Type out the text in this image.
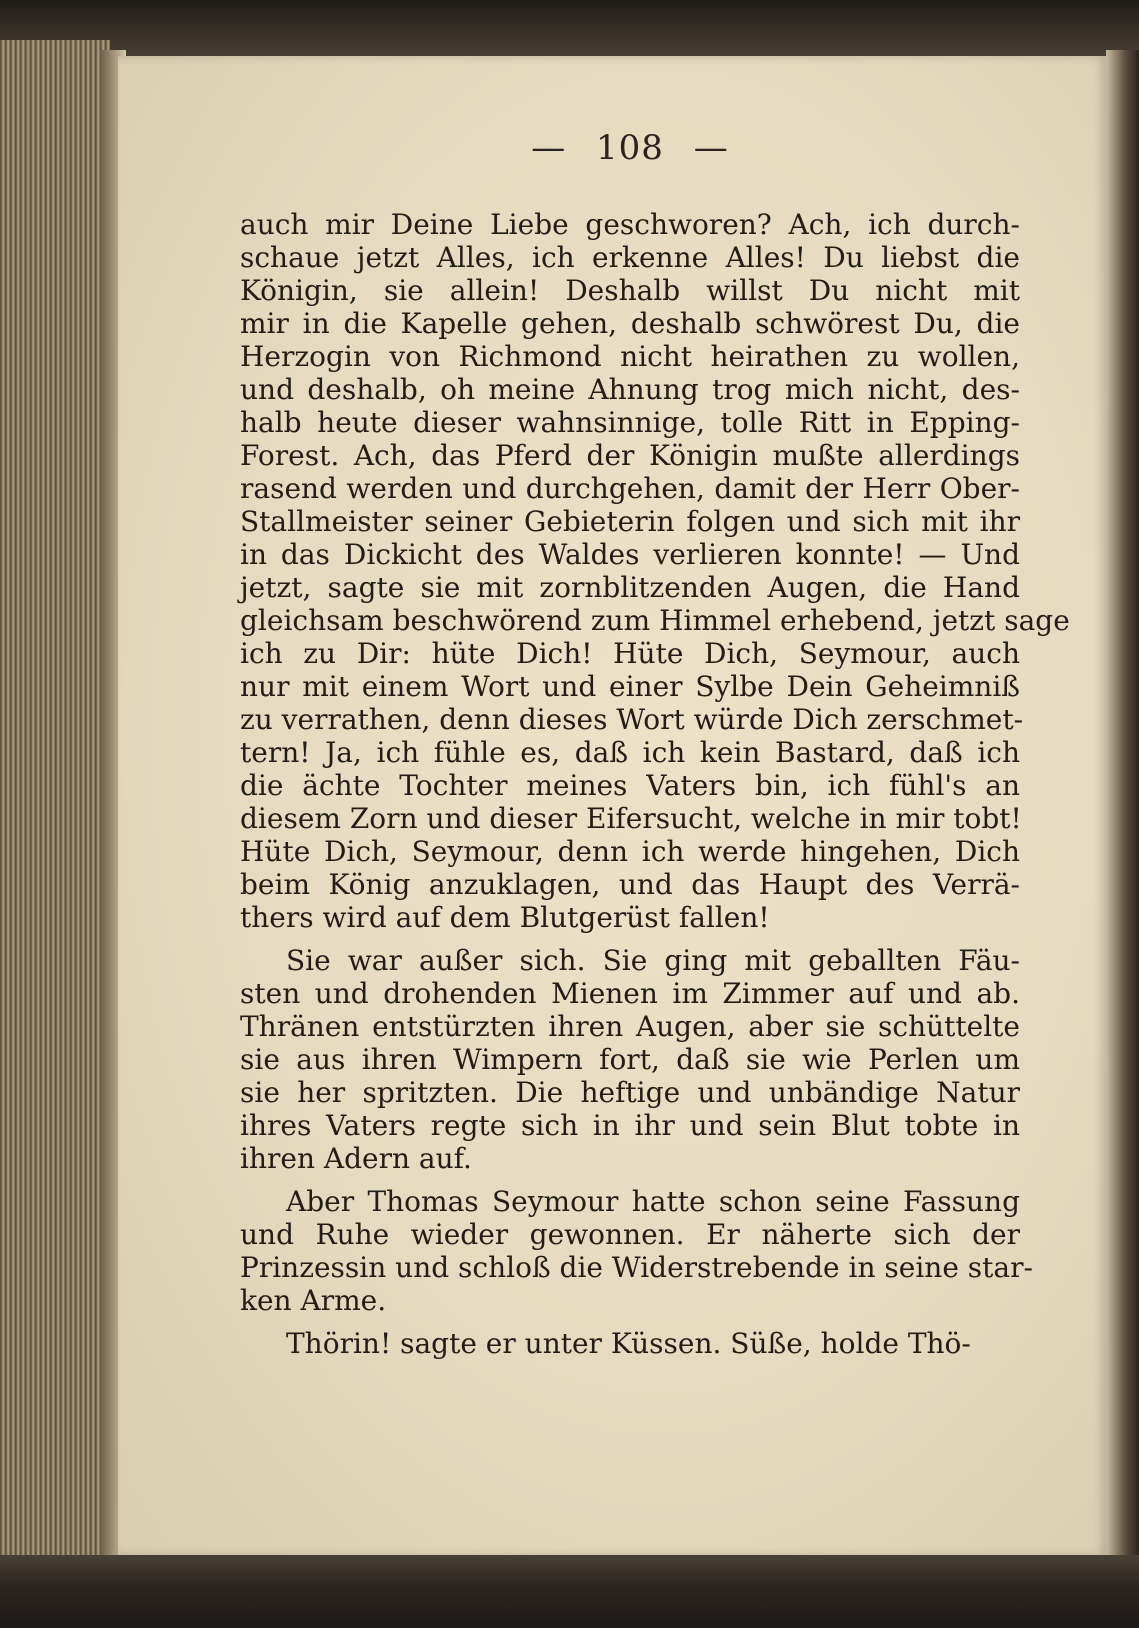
— 108 —
auch mir Deine Liebe geschworen? Ach, ich durch-
schaue jetzt Alles, ich erkenne Alles! Du liebst die
Königin, sie allein! Deshalb willst Du nicht mit
mir in die Kapelle gehen, deshalb schwörest Du, die
Herzogin von Richmond nicht heirathen zu wollen,
und deshalb, oh meine Ahnung trog mich nicht, des-
halb heute dieser wahnsinnige, tolle Ritt in Epping-
Forest. Ach, das Pferd der Königin mußte allerdings
rasend werden und durchgehen, damit der Herr Ober-
Stallmeister seiner Gebieterin folgen und sich mit ihr
in das Dickicht des Waldes verlieren konnte! — Und
jetzt, sagte sie mit zornblitzenden Augen, die Hand
gleichsam beschwörend zum Himmel erhebend, jetzt sage
ich zu Dir: hüte Dich! Hüte Dich, Seymour, auch
nur mit einem Wort und einer Sylbe Dein Geheimniß
zu verrathen, denn dieses Wort würde Dich zerschmet-
tern! Ja, ich fühle es, daß ich kein Bastard, daß ich
die ächte Tochter meines Vaters bin, ich fühl's an
diesem Zorn und dieser Eifersucht, welche in mir tobt!
Hüte Dich, Seymour, denn ich werde hingehen, Dich
beim König anzuklagen, und das Haupt des Verrä-
thers wird auf dem Blutgerüst fallen!
Sie war außer sich. Sie ging mit geballten Fäu-
sten und drohenden Mienen im Zimmer auf und ab.
Thränen entstürzten ihren Augen, aber sie schüttelte
sie aus ihren Wimpern fort, daß sie wie Perlen um
sie her spritzten. Die heftige und unbändige Natur
ihres Vaters regte sich in ihr und sein Blut tobte in
ihren Adern auf.
Aber Thomas Seymour hatte schon seine Fassung
und Ruhe wieder gewonnen. Er näherte sich der
Prinzessin und schloß die Widerstrebende in seine star-
ken Arme.
Thörin! sagte er unter Küssen. Süße, holde Thö-
